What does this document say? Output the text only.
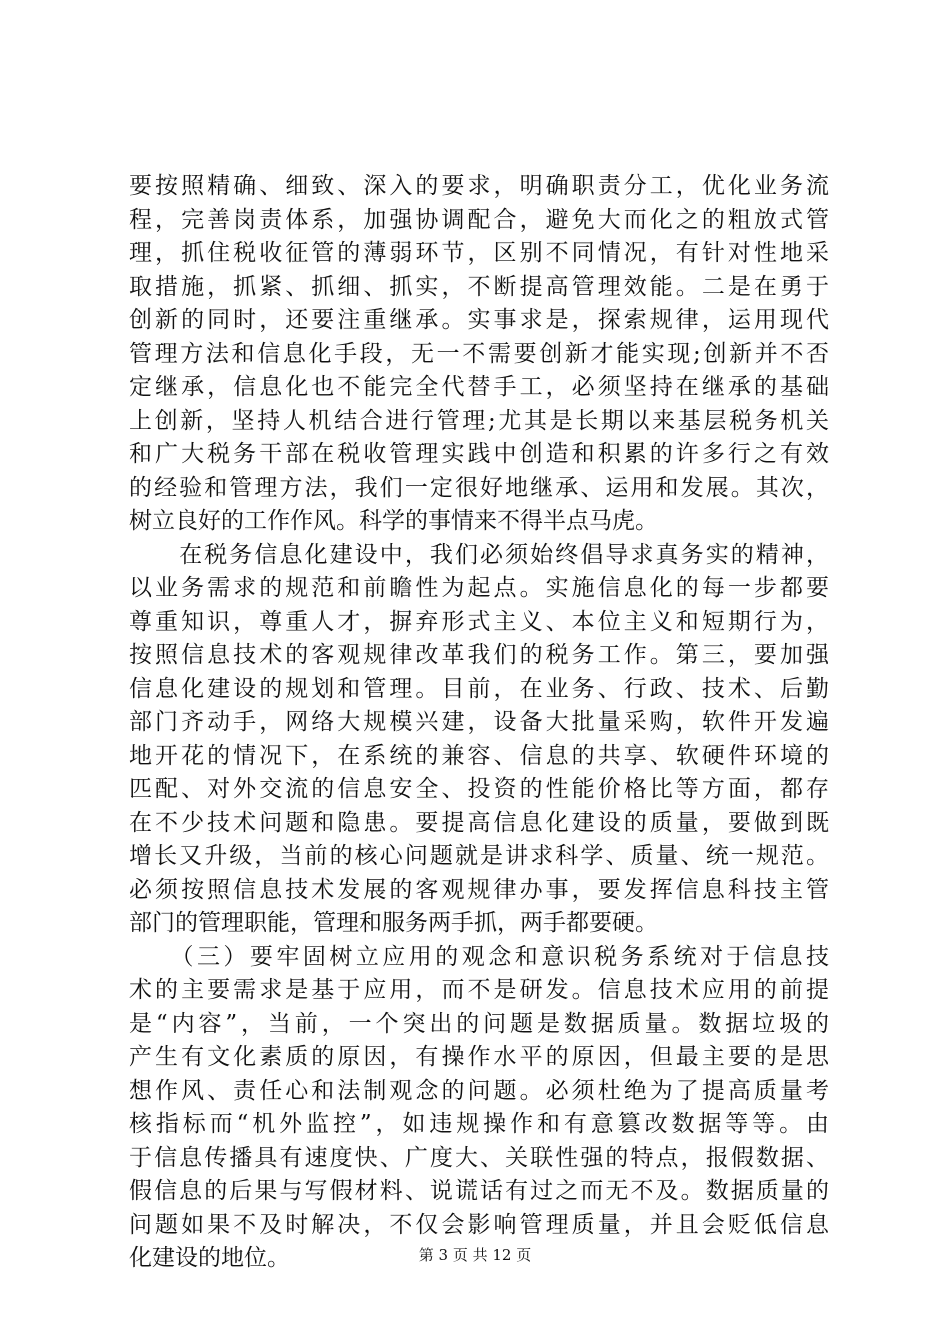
要按照精确、细致、深入的要求，明确职责分工，优化业务流
程，完善岗责体系，加强协调配合，避免大而化之的粗放式管
理，抓住税收征管的薄弱环节，区别不同情况，有针对性地采
取措施，抓紧、抓细、抓实，不断提高管理效能。二是在勇于
创新的同时，还要注重继承。实事求是，探索规律，运用现代
管理方法和信息化手段，无一不需要创新才能实现;创新并不否
定继承，信息化也不能完全代替手工，必须坚持在继承的基础
上创新，坚持人机结合进行管理;尤其是长期以来基层税务机关
和广大税务干部在税收管理实践中创造和积累的许多行之有效
的经验和管理方法，我们一定很好地继承、运用和发展。其次，
树立良好的工作作风。科学的事情来不得半点马虎。
　　在税务信息化建设中，我们必须始终倡导求真务实的精神，
以业务需求的规范和前瞻性为起点。实施信息化的每一步都要
尊重知识，尊重人才，摒弃形式主义、本位主义和短期行为，
按照信息技术的客观规律改革我们的税务工作。第三，要加强
信息化建设的规划和管理。目前，在业务、行政、技术、后勤
部门齐动手，网络大规模兴建，设备大批量采购，软件开发遍
地开花的情况下，在系统的兼容、信息的共享、软硬件环境的
匹配、对外交流的信息安全、投资的性能价格比等方面，都存
在不少技术问题和隐患。要提高信息化建设的质量，要做到既
增长又升级，当前的核心问题就是讲求科学、质量、统一规范。
必须按照信息技术发展的客观规律办事，要发挥信息科技主管
部门的管理职能，管理和服务两手抓，两手都要硬。
　　（三）要牢固树立应用的观念和意识税务系统对于信息技
术的主要需求是基于应用，而不是研发。信息技术应用的前提
是“内容”，当前，一个突出的问题是数据质量。数据垃圾的
产生有文化素质的原因，有操作水平的原因，但最主要的是思
想作风、责任心和法制观念的问题。必须杜绝为了提高质量考
核指标而“机外监控”，如违规操作和有意篡改数据等等。由
于信息传播具有速度快、广度大、关联性强的特点，报假数据、
假信息的后果与写假材料、说谎话有过之而无不及。数据质量的
问题如果不及时解决，不仅会影响管理质量，并且会贬低信息
化建设的地位。	第 3 页 共 12 页
